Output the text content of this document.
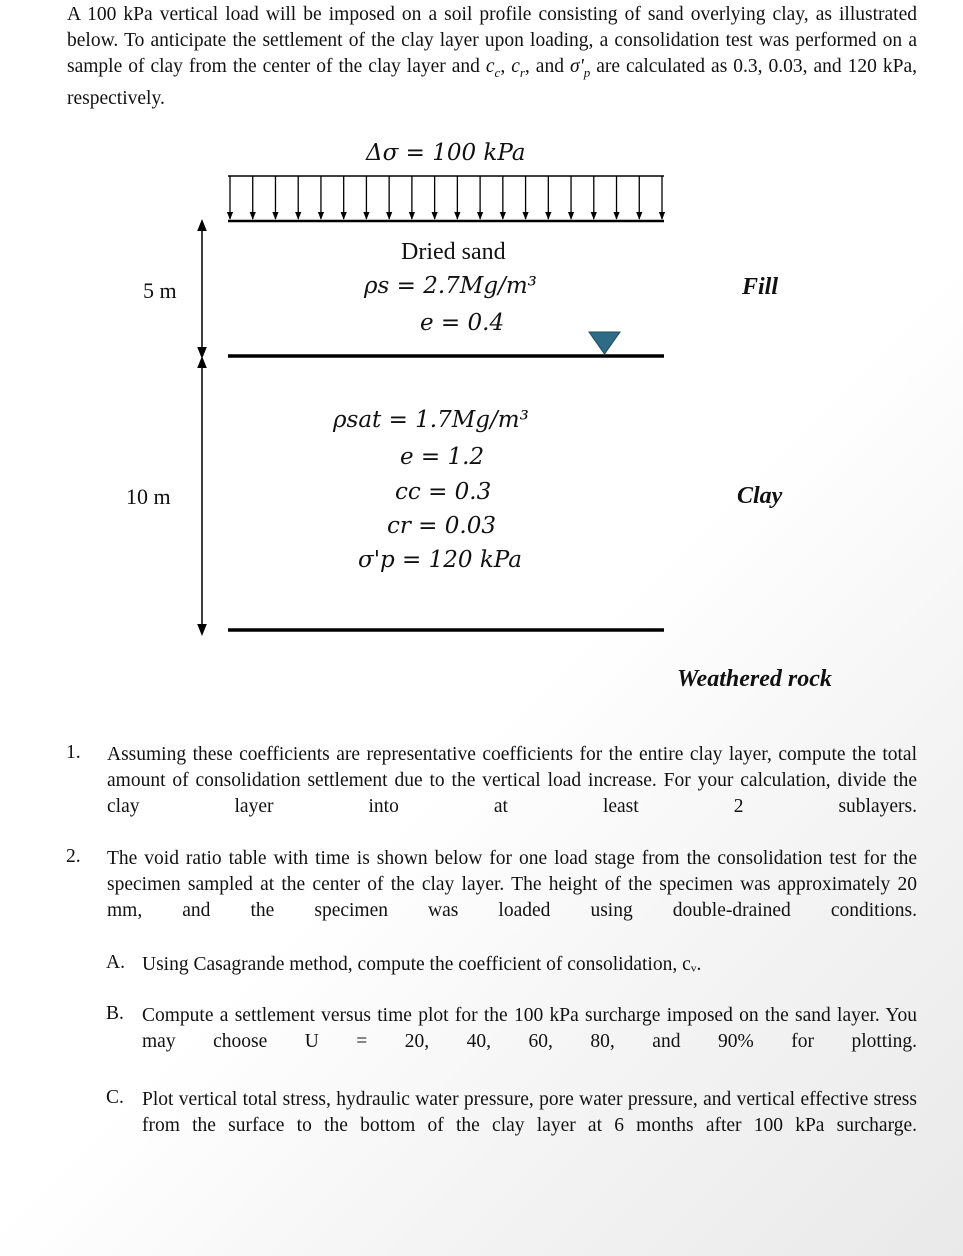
A 100 kPa vertical load will be imposed on a soil profile consisting of sand overlying clay, as illustrated below. To anticipate the settlement of the clay layer upon loading, a consolidation test was performed on a sample of clay from the center of the clay layer and $c_c$, $c_r$, and $\sigma'_p$ are calculated as 0.3, 0.03, and 120 kPa, respectively.
Δσ = 100 kPa
Dried sand
ρs = 2.7Mg/m³
e = 0.4
ρsat = 1.7Mg/m³
e = 1.2
cc = 0.3
cr = 0.03
σ'p = 120 kPa
5 m
10 m
Fill
Clay
Weathered rock
1. Assuming these coefficients are representative coefficients for the entire clay layer, compute the total amount of consolidation settlement due to the vertical load increase. For your calculation, divide the clay layer into at least 2 sublayers.
2. The void ratio table with time is shown below for one load stage from the consolidation test for the specimen sampled at the center of the clay layer. The height of the specimen was approximately 20 mm, and the specimen was loaded using double-drained conditions.
A. Using Casagrande method, compute the coefficient of consolidation, cᵥ.
B. Compute a settlement versus time plot for the 100 kPa surcharge imposed on the sand layer. You may choose U = 20, 40, 60, 80, and 90% for plotting.
C. Plot vertical total stress, hydraulic water pressure, pore water pressure, and vertical effective stress from the surface to the bottom of the clay layer at 6 months after 100 kPa surcharge.
